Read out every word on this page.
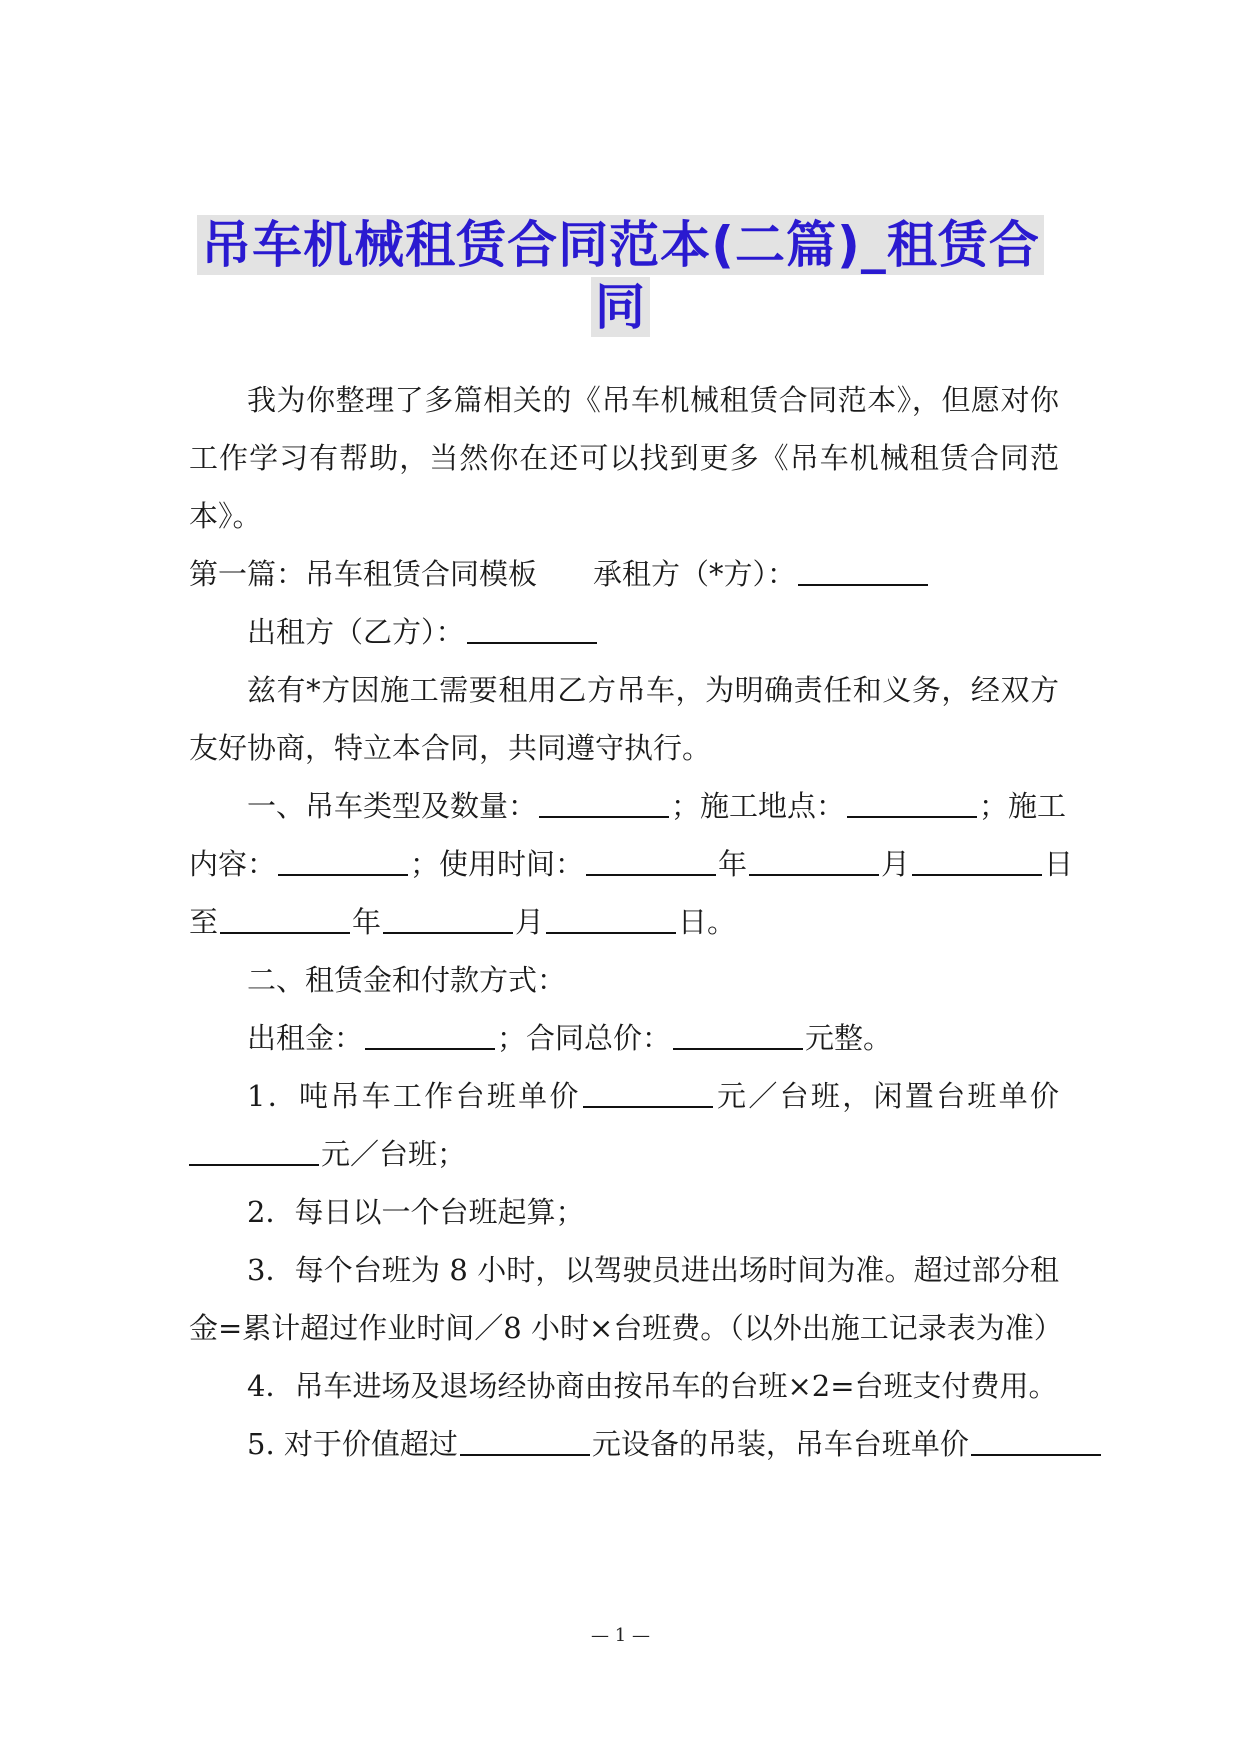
吊车机械租赁合同范本(二篇)_租赁合
同
我为你整理了多篇相关的《吊车机械租赁合同范本》，但愿对你
工作学习有帮助，当然你在还可以找到更多《吊车机械租赁合同范
本》。
第一篇：吊车租赁合同模板 承租方（*方）：
出租方（乙方）：
兹有*方因施工需要租用乙方吊车，为明确责任和义务，经双方
友好协商，特立本合同，共同遵守执行。
一、吊车类型及数量：	；施工地点：	；施工
内容：	；使用时间：	年	月	日
至	年	月	日。
二、租赁金和付款方式：
出租金：	；合同总价：	元整。
1．吨吊车工作台班单价	元／台班，闲置台班单价
元／台班；
2．每日以一个台班起算；
3．每个台班为 8 小时，以驾驶员进出场时间为准。超过部分租
金=累计超过作业时间／8 小时×台班费。（以外出施工记录表为准）
4．吊车进场及退场经协商由按吊车的台班×2=台班支付费用。
5. 对于价值超过	元设备的吊装，吊车台班单价
— 1 —
